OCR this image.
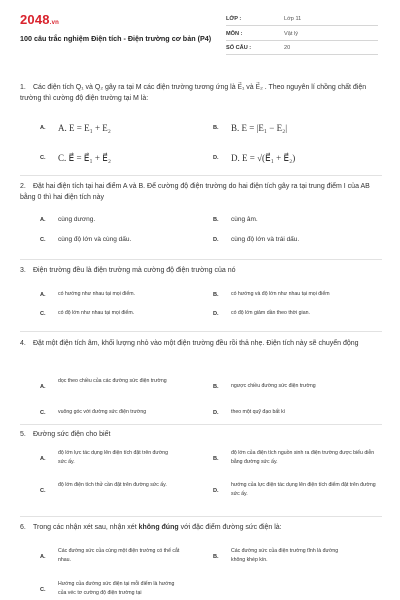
2048.vn
100 câu trắc nghiệm Điện tích - Điện trường cơ bản (P4)
LỚP :	Lớp 11
MÔN :	Vật lý
SỐ CÂU :	20
1. Các điện tích Q₁ và Q₂ gây ra tại M các điện trường tương ứng là E⃗₁ và E⃗₂ . Theo nguyên lí chồng chất điện trường thì cường độ điện trường tại M là:
A. A. E = E₁ + E₂	B. B. E = |E₁ − E₂|
C. C. E⃗ = E⃗₁ + E⃗₂	D. D. E = √(E⃗₁ + E⃗₂)
2. Đặt hai điện tích tại hai điểm A và B. Để cường độ điện trường do hai điện tích gây ra tại trung điểm I của AB bằng 0 thì hai điện tích này
A. cùng dương.	B. cùng âm.
C. cùng độ lớn và cùng dấu.	D. cùng độ lớn và trái dấu.
3. Điện trường đều là điện trường mà cường độ điện trường của nó
A. có hướng như nhau tại mọi điểm.	B. có hướng và độ lớn như nhau tại mọi điểm
C. có độ lớn như nhau tại mọi điểm.	D. có độ lớn giảm dần theo thời gian.
4. Đặt một điện tích âm, khối lượng nhỏ vào một điện trường đều rồi thả nhẹ. Điện tích này sẽ chuyển động
A.
dọc theo chiều của các đường sức điện trường
B. ngược chiều đường sức điện trường
C. vuông góc với đường sức điện trường	D. theo một quỹ đạo bất kì
5. Đường sức điện cho biết
A.
độ lớn lực tác dụng lên điện tích đặt trên đường sức ấy.	B.
độ lớn của điện tích nguồn sinh ra điện trường được biểu diễn bằng đường sức ấy.
C.
độ lớn điện tích thử cần đặt trên đường sức ấy.
D.
hướng của lực điện tác dụng lên điện tích điểm đặt trên đường sức ấy.
6. Trong các nhận xét sau, nhận xét không đúng với đặc điểm đường sức điện là:
A.
Các đường sức của cùng một điện trường có thể cắt nhau.	B.
Các đường sức của điện trường tĩnh là đường không khép kín.
C.
Hướng của đường sức điện tại mỗi điểm là hướng của véc tơ cường độ điện trường tại
